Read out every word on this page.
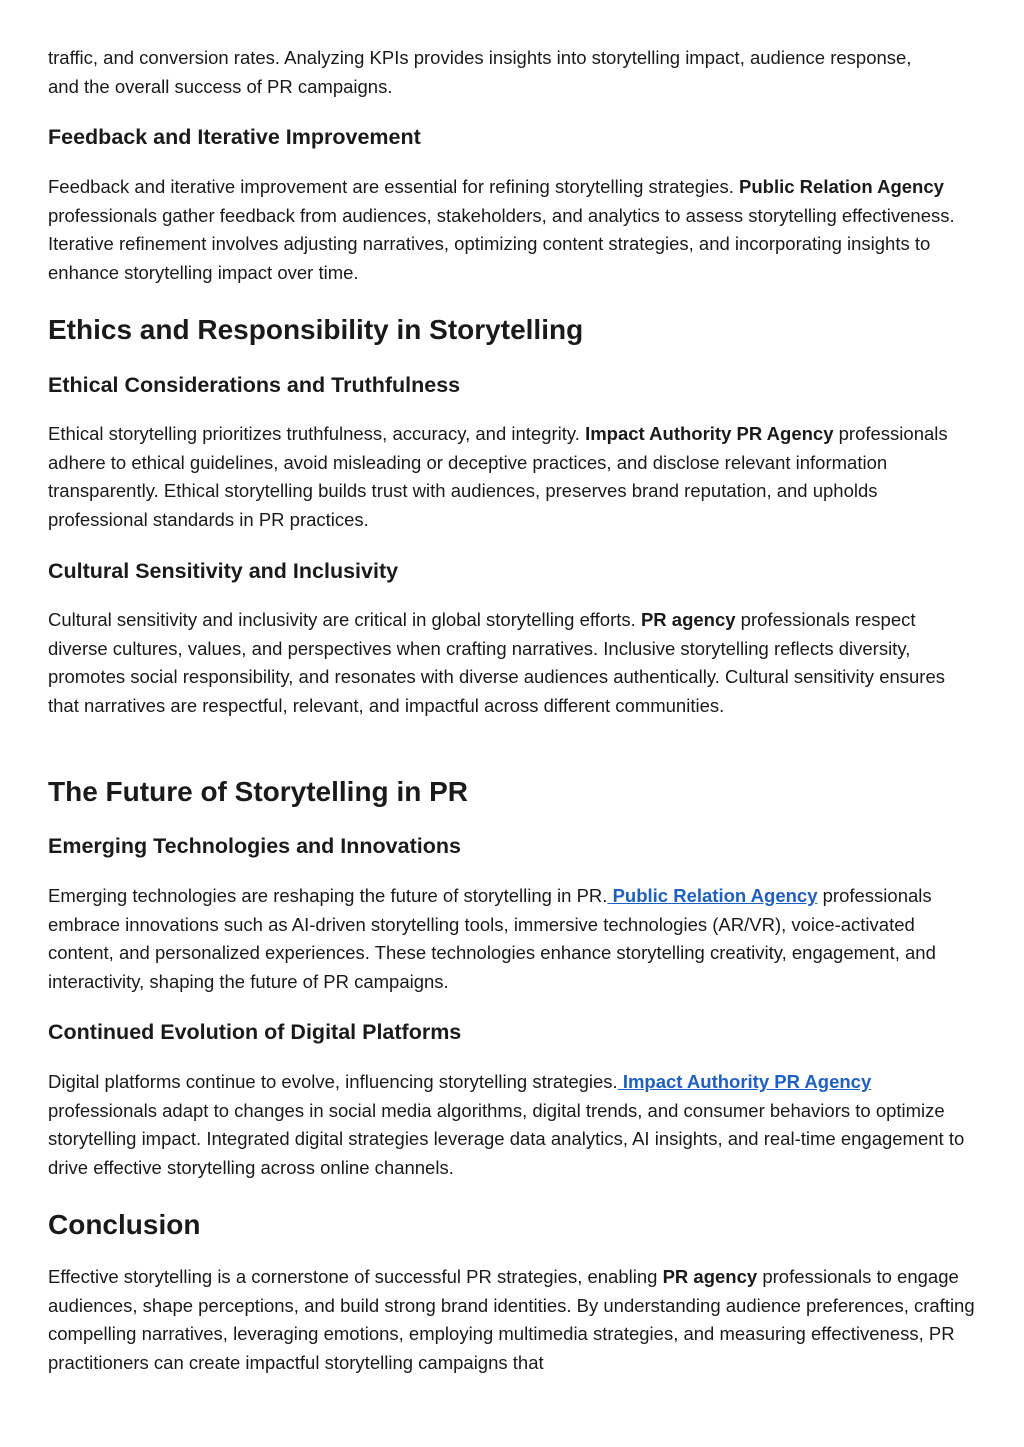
traffic, and conversion rates. Analyzing KPIs provides insights into storytelling impact, audience response, and the overall success of PR campaigns.

Feedback and Iterative Improvement

Feedback and iterative improvement are essential for refining storytelling strategies. Public Relation Agency professionals gather feedback from audiences, stakeholders, and analytics to assess storytelling effectiveness. Iterative refinement involves adjusting narratives, optimizing content strategies, and incorporating insights to enhance storytelling impact over time.

Ethics and Responsibility in Storytelling
Ethical Considerations and Truthfulness

Ethical storytelling prioritizes truthfulness, accuracy, and integrity. Impact Authority PR Agency professionals adhere to ethical guidelines, avoid misleading or deceptive practices, and disclose relevant information transparently. Ethical storytelling builds trust with audiences, preserves brand reputation, and upholds professional standards in PR practices.

Cultural Sensitivity and Inclusivity

Cultural sensitivity and inclusivity are critical in global storytelling efforts. PR agency professionals respect diverse cultures, values, and perspectives when crafting narratives. Inclusive storytelling reflects diversity, promotes social responsibility, and resonates with diverse audiences authentically. Cultural sensitivity ensures that narratives are respectful, relevant, and impactful across different communities.

The Future of Storytelling in PR
Emerging Technologies and Innovations

Emerging technologies are reshaping the future of storytelling in PR. Public Relation Agency professionals embrace innovations such as AI-driven storytelling tools, immersive technologies (AR/VR), voice-activated content, and personalized experiences. These technologies enhance storytelling creativity, engagement, and interactivity, shaping the future of PR campaigns.

Continued Evolution of Digital Platforms

Digital platforms continue to evolve, influencing storytelling strategies. Impact Authority PR Agency professionals adapt to changes in social media algorithms, digital trends, and consumer behaviors to optimize storytelling impact. Integrated digital strategies leverage data analytics, AI insights, and real-time engagement to drive effective storytelling across online channels.

Conclusion

Effective storytelling is a cornerstone of successful PR strategies, enabling PR agency professionals to engage audiences, shape perceptions, and build strong brand identities. By understanding audience preferences, crafting compelling narratives, leveraging emotions, employing multimedia strategies, and measuring effectiveness, PR practitioners can create impactful storytelling campaigns that
